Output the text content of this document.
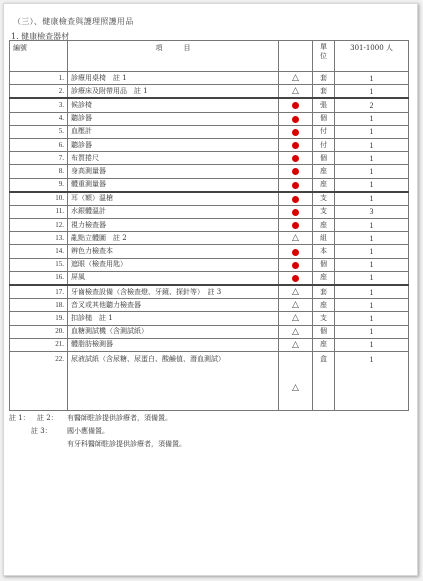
（三）、健康檢查與護理照護用品
1. 健康檢查器材
編號	項　　　目		單 位	301-1000 人
1.	診療用桌椅　註 1	△	套	1
2.	診療床及附帶用品　註 1	△	套	1
3.	候診椅		張	2
4.	聽診器		個	1
5.	血壓計		付	1
6.	聽診器		付	1
7.	布質捲尺		個	1
8.	身高測量器		座	1
9.	體重測量器		座	1
10.	耳（額）溫槍		支	1
11.	水銀體溫計		支	3
12.	視力檢查器		座	1
13.	亂點立體圖　註 2	△	組	1
14.	辨色力檢查本		本	1
15.	遮眼（檢查用匙）		個	1
16.	屏風		座	1
17.	牙齒檢查設備（含檢查燈、牙鏡、探針等）　註 3	△	套	1
18.	音叉或其他聽力檢查器	△	座	1
19.	扣診槌　註 1	△	支	1
20.	血糖測試機（含測試紙）	△	個	1
21.	體脂肪檢測器	△	座	1
22.	尿液試紙（含尿糖、尿蛋白、酸鹼值、潛血測試）	△	盒	1
註 1： 註 2： 有醫師駐診提供診療者，須備置。
註 3： 國小應備置。
有牙科醫師駐診提供診療者，須備置。
